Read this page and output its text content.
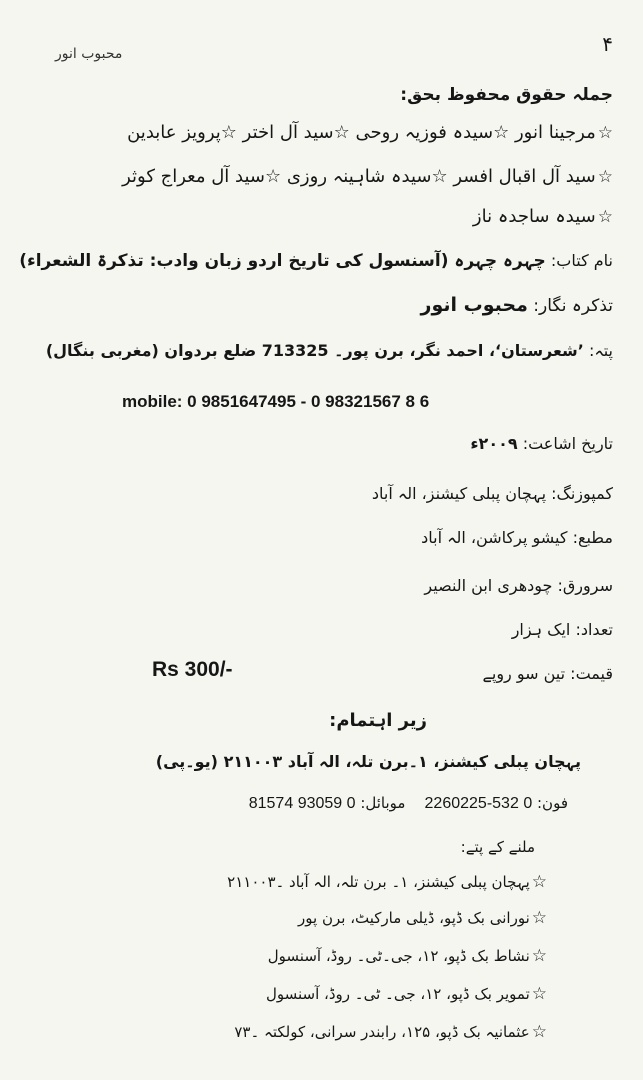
محبوب انور	۴
جملہ حقوق محفوظ بحق:
☆مرجینا انور ☆سیدہ فوزیہ روحی ☆سید آل اختر ☆پرویز عابدین
☆سید آل اقبال افسر ☆سیدہ شاہینہ روزی ☆سید آل معراج کوثر
☆سیدہ ساجدہ ناز
نام کتاب: چہرہ چہرہ (آسنسول کی تاریخ اردو زبان وادب: تذکرۃ الشعراء)
تذکرہ نگار: محبوب انور
پتہ: ’شعرستان‘، احمد نگر، برن پور۔ 713325 ضلع بردوان (مغربی بنگال)
mobile: 0 9851647495 - 0 98321567 8 6
تاریخ اشاعت: ۲۰۰۹ء
کمپوزنگ: پہچان پبلی کیشنز، الہ آباد
مطبع: کیشو پرکاشن، الہ آباد
سرورق: چودھری ابن النصیر
تعداد: ایک ہزار
قیمت: تین سو روپے
Rs 300/-
زیر اہتمام:
پہچان پبلی کیشنز، ۱۔برن تلہ، الہ آباد ۲۱۱۰۰۳ (یو۔پی)
فون: 0 532-2260225    موبائل: 0 93059 81574
ملنے کے پتے:
☆پہچان پبلی کیشنز، ۱۔ برن تلہ، الہ آباد ۔۲۱۱۰۰۳
☆نورانی بک ڈپو، ڈیلی مارکیٹ، برن پور
☆نشاط بک ڈپو، ۱۲، جی۔ٹی۔ روڈ، آسنسول
☆تمویر بک ڈپو، ۱۲، جی۔ ٹی۔ روڈ، آسنسول
☆عثمانیہ بک ڈپو، ۱۲۵، رابندر سرانی، کولکتہ ۔۷۳
